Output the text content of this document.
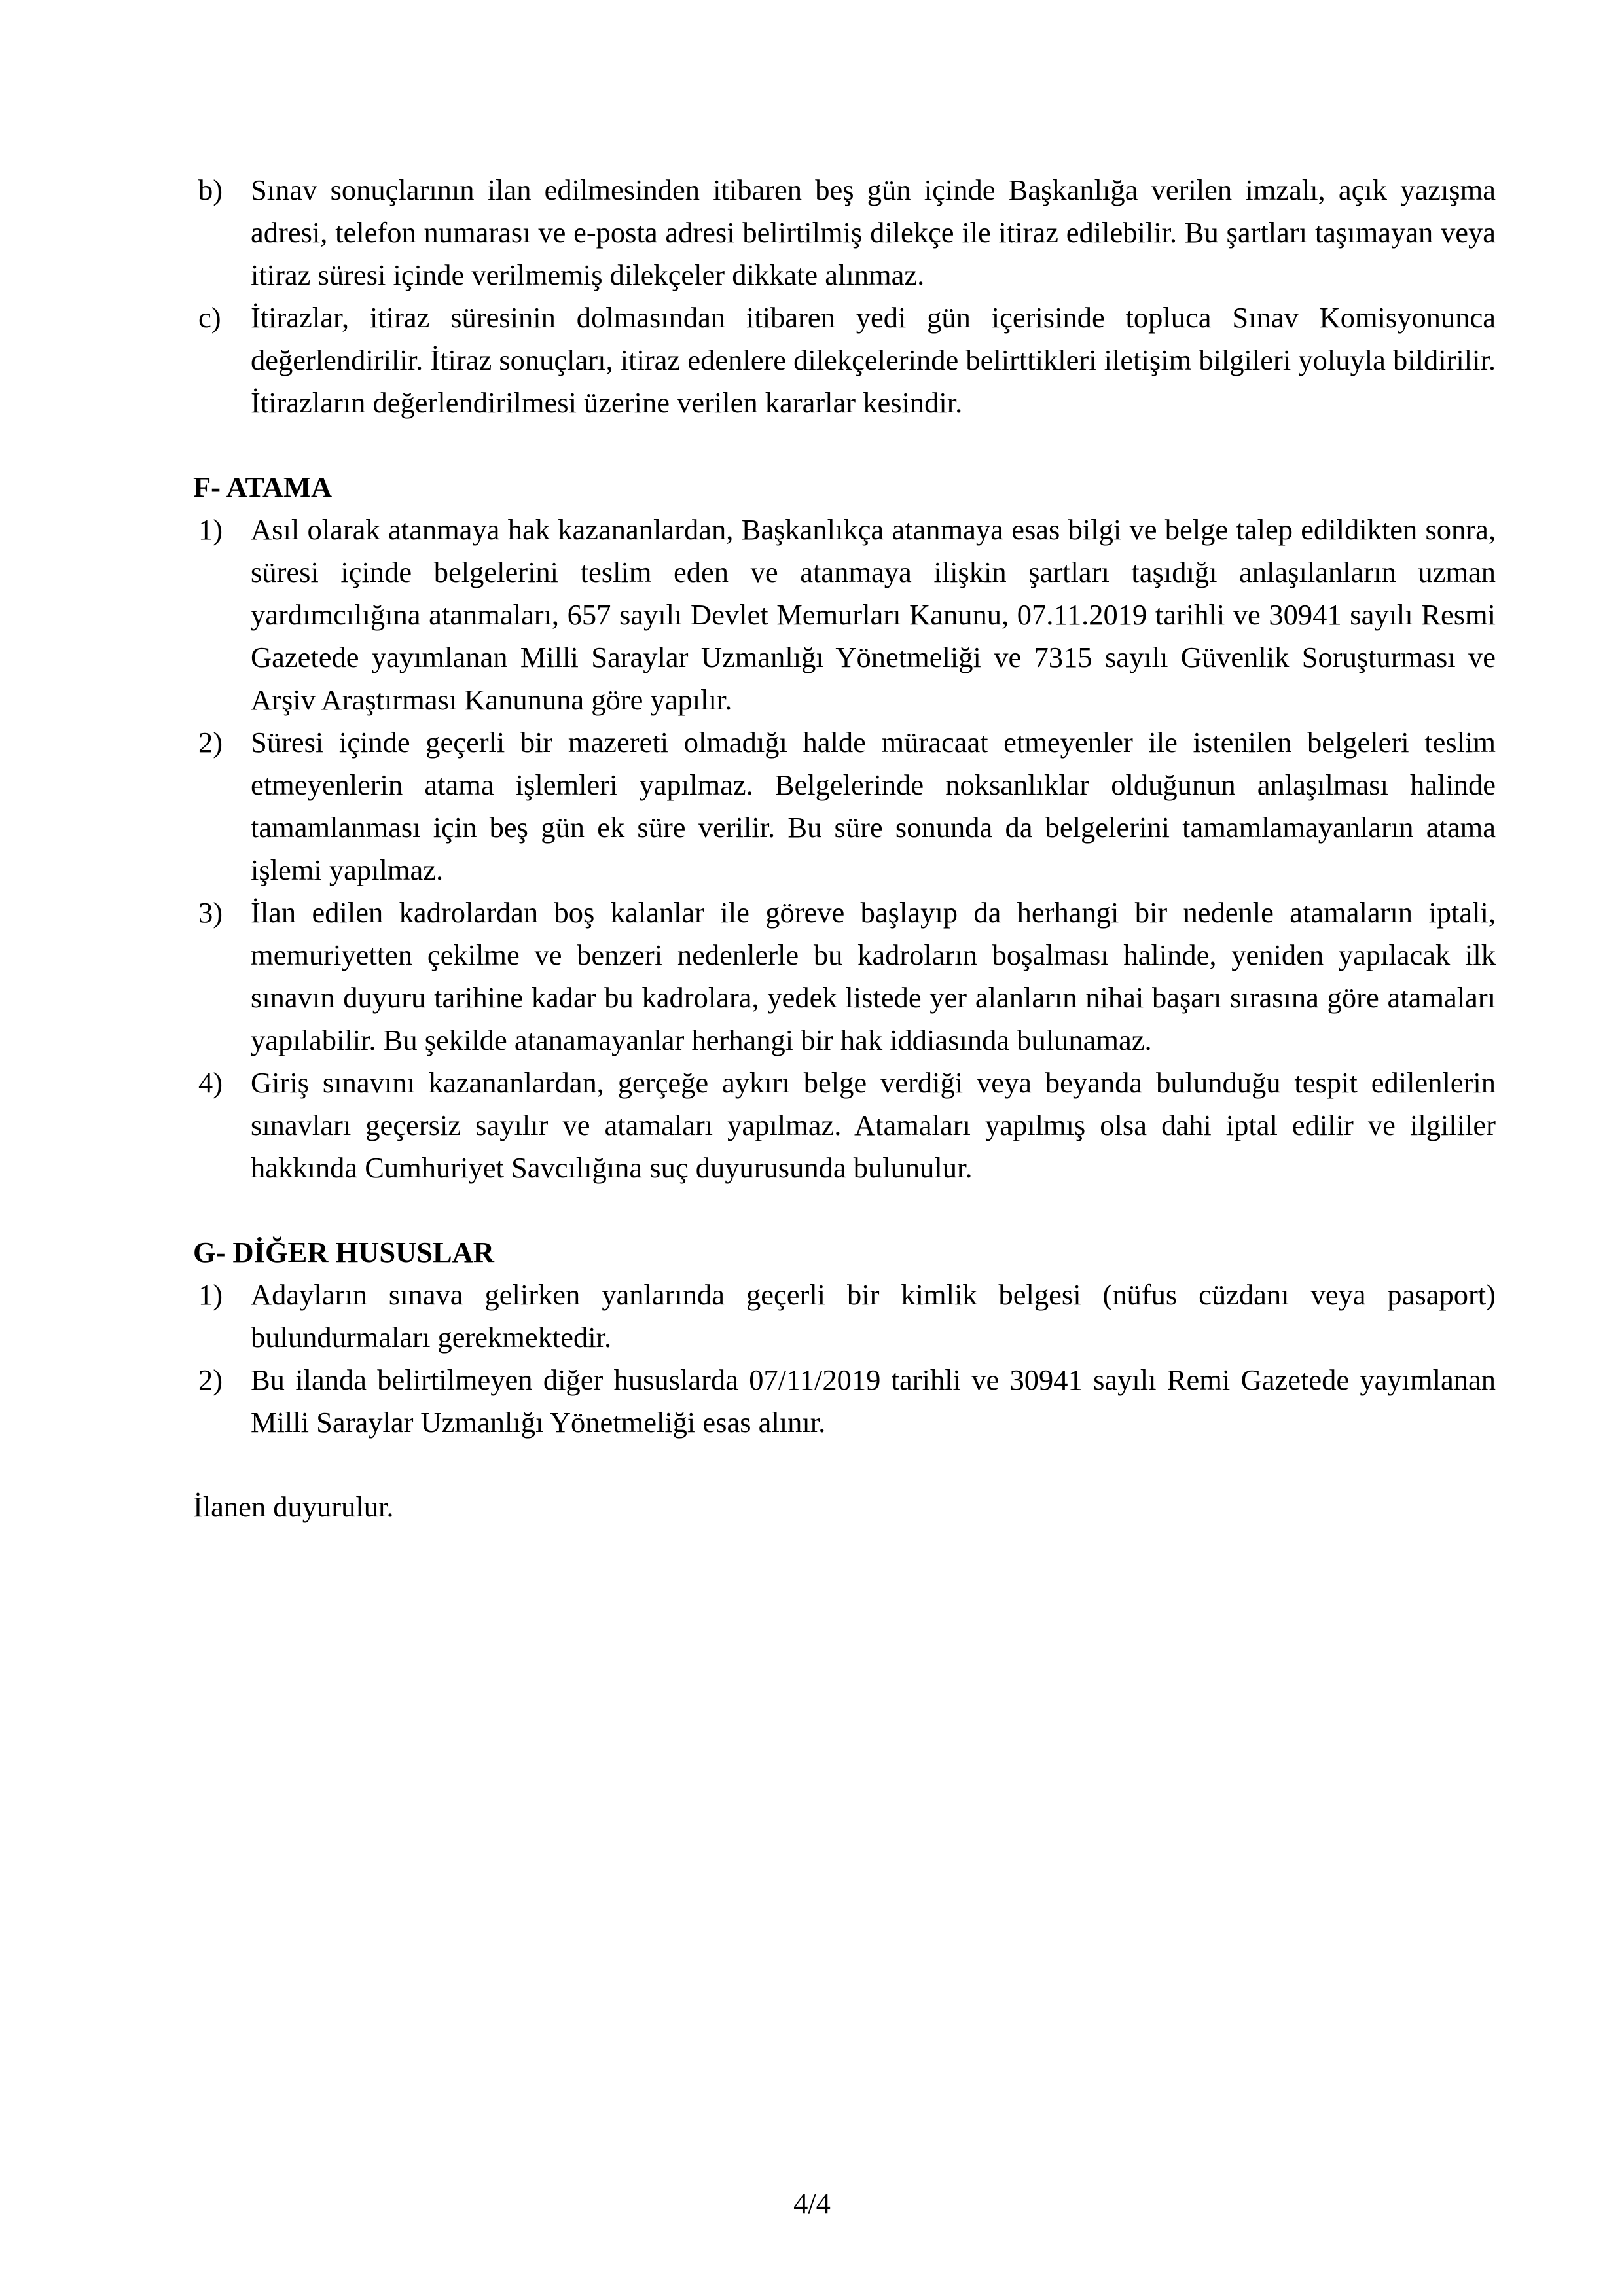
b) Sınav sonuçlarının ilan edilmesinden itibaren beş gün içinde Başkanlığa verilen imzalı, açık yazışma adresi, telefon numarası ve e-posta adresi belirtilmiş dilekçe ile itiraz edilebilir. Bu şartları taşımayan veya itiraz süresi içinde verilmemiş dilekçeler dikkate alınmaz.
c) İtirazlar, itiraz süresinin dolmasından itibaren yedi gün içerisinde topluca Sınav Komisyonunca değerlendirilir. İtiraz sonuçları, itiraz edenlere dilekçelerinde belirttikleri iletişim bilgileri yoluyla bildirilir. İtirazların değerlendirilmesi üzerine verilen kararlar kesindir.
F- ATAMA
1) Asıl olarak atanmaya hak kazananlardan, Başkanlıkça atanmaya esas bilgi ve belge talep edildikten sonra, süresi içinde belgelerini teslim eden ve atanmaya ilişkin şartları taşıdığı anlaşılanların uzman yardımcılığına atanmaları, 657 sayılı Devlet Memurları Kanunu, 07.11.2019 tarihli ve 30941 sayılı Resmi Gazetede yayımlanan Milli Saraylar Uzmanlığı Yönetmeliği ve 7315 sayılı Güvenlik Soruşturması ve Arşiv Araştırması Kanununa göre yapılır.
2) Süresi içinde geçerli bir mazereti olmadığı halde müracaat etmeyenler ile istenilen belgeleri teslim etmeyenlerin atama işlemleri yapılmaz. Belgelerinde noksanlıklar olduğunun anlaşılması halinde tamamlanması için beş gün ek süre verilir. Bu süre sonunda da belgelerini tamamlamayanların atama işlemi yapılmaz.
3) İlan edilen kadrolardan boş kalanlar ile göreve başlayıp da herhangi bir nedenle atamaların iptali, memuriyetten çekilme ve benzeri nedenlerle bu kadroların boşalması halinde, yeniden yapılacak ilk sınavın duyuru tarihine kadar bu kadrolara, yedek listede yer alanların nihai başarı sırasına göre atamaları yapılabilir. Bu şekilde atanamayanlar herhangi bir hak iddiasında bulunamaz.
4) Giriş sınavını kazananlardan, gerçeğe aykırı belge verdiği veya beyanda bulunduğu tespit edilenlerin sınavları geçersiz sayılır ve atamaları yapılmaz. Atamaları yapılmış olsa dahi iptal edilir ve ilgililer hakkında Cumhuriyet Savcılığına suç duyurusunda bulunulur.
G- DİĞER HUSUSLAR
1) Adayların sınava gelirken yanlarında geçerli bir kimlik belgesi (nüfus cüzdanı veya pasaport) bulundurmaları gerekmektedir.
2) Bu ilanda belirtilmeyen diğer hususlarda 07/11/2019 tarihli ve 30941 sayılı Remi Gazetede yayımlanan Milli Saraylar Uzmanlığı Yönetmeliği esas alınır.
İlanen duyurulur.
4/4
